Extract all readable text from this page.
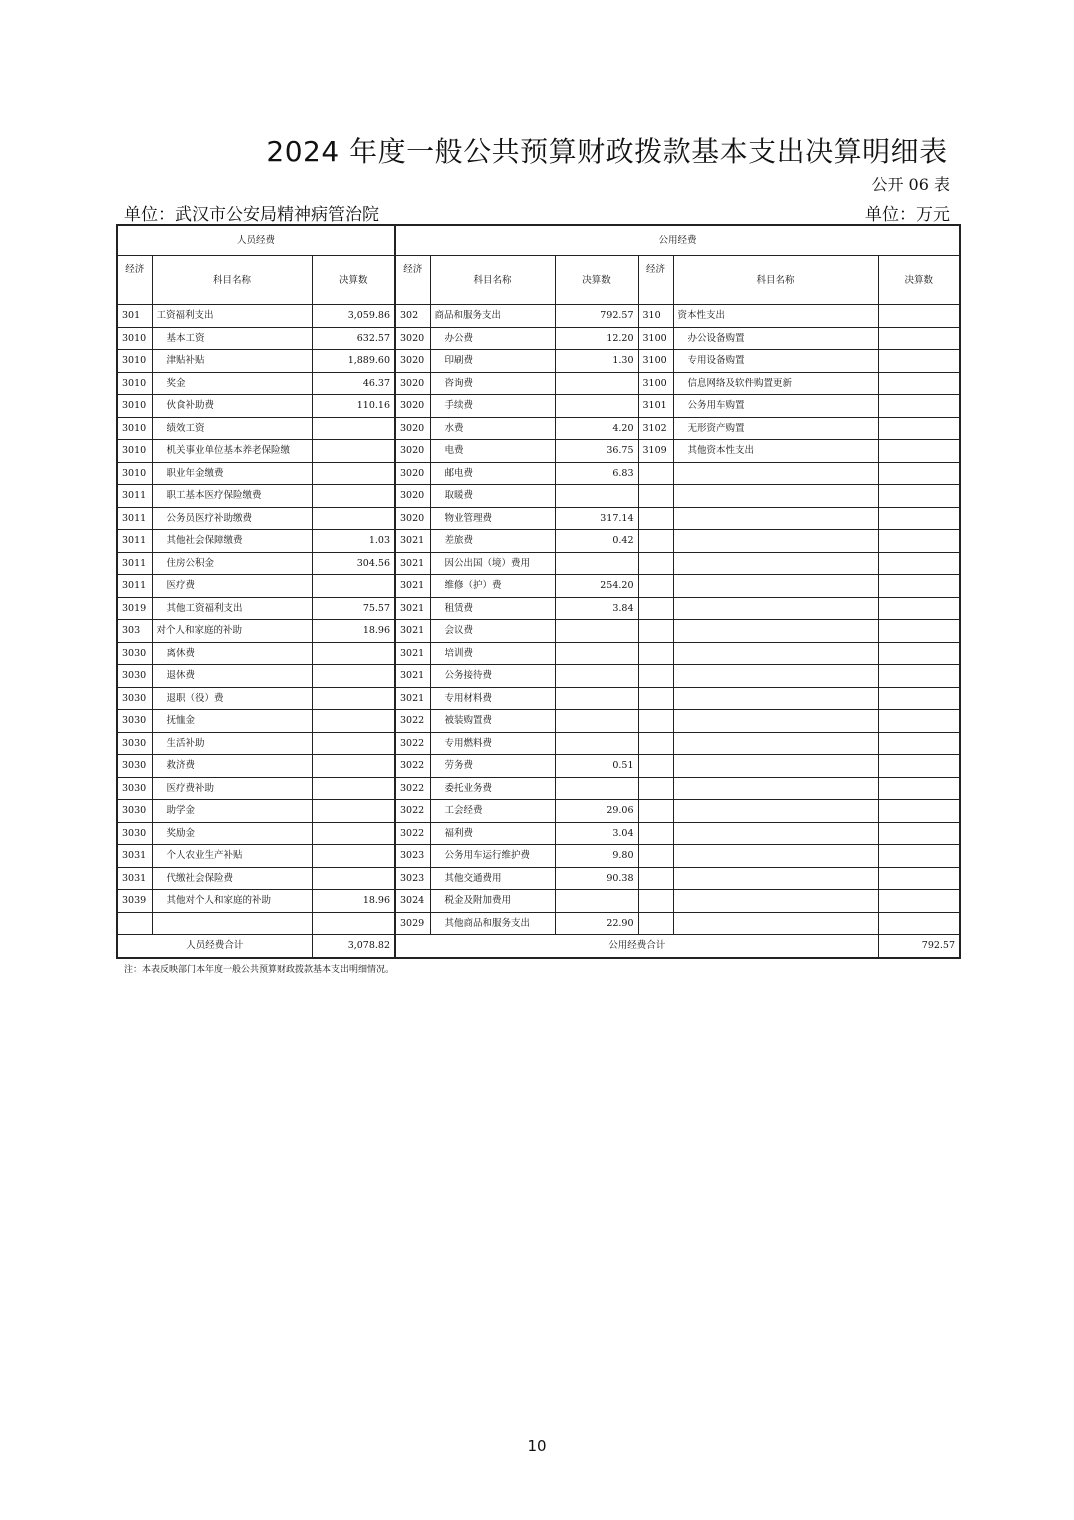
2024 年度一般公共预算财政拨款基本支出决算明细表
公开 06 表
单位：武汉市公安局精神病管治院	单位：万元
人员经费			公用经费					
经济	科目名称	决算数	经济	科目名称	决算数	经济	科目名称	决算数
301	工资福利支出	3,059.86	302	商品和服务支出	792.57	310	资本性支出	
3010	基本工资	632.57	3020	办公费	12.20	3100	办公设备购置	
3010	津贴补贴	1,889.60	3020	印刷费	1.30	3100	专用设备购置	
3010	奖金	46.37	3020	咨询费		3100	信息网络及软件购置更新	
3010	伙食补助费	110.16	3020	手续费		3101	公务用车购置	
3010	绩效工资		3020	水费	4.20	3102	无形资产购置	
3010	机关事业单位基本养老保险缴		3020	电费	36.75	3109	其他资本性支出	
3010	职业年金缴费		3020	邮电费	6.83			
3011	职工基本医疗保险缴费		3020	取暖费				
3011	公务员医疗补助缴费		3020	物业管理费	317.14			
3011	其他社会保障缴费	1.03	3021	差旅费	0.42			
3011	住房公积金	304.56	3021	因公出国（境）费用				
3011	医疗费		3021	维修（护）费	254.20			
3019	其他工资福利支出	75.57	3021	租赁费	3.84			
303	对个人和家庭的补助	18.96	3021	会议费				
3030	离休费		3021	培训费				
3030	退休费		3021	公务接待费				
3030	退职（役）费		3021	专用材料费				
3030	抚恤金		3022	被装购置费				
3030	生活补助		3022	专用燃料费				
3030	救济费		3022	劳务费	0.51			
3030	医疗费补助		3022	委托业务费				
3030	助学金		3022	工会经费	29.06			
3030	奖励金		3022	福利费	3.04			
3031	个人农业生产补贴		3023	公务用车运行维护费	9.80			
3031	代缴社会保险费		3023	其他交通费用	90.38			
3039	其他对个人和家庭的补助	18.96	3024	税金及附加费用				
			3029	其他商品和服务支出	22.90			
人员经费合计		3,078.82	公用经费合计					792.57
注：本表反映部门本年度一般公共预算财政拨款基本支出明细情况。
10
